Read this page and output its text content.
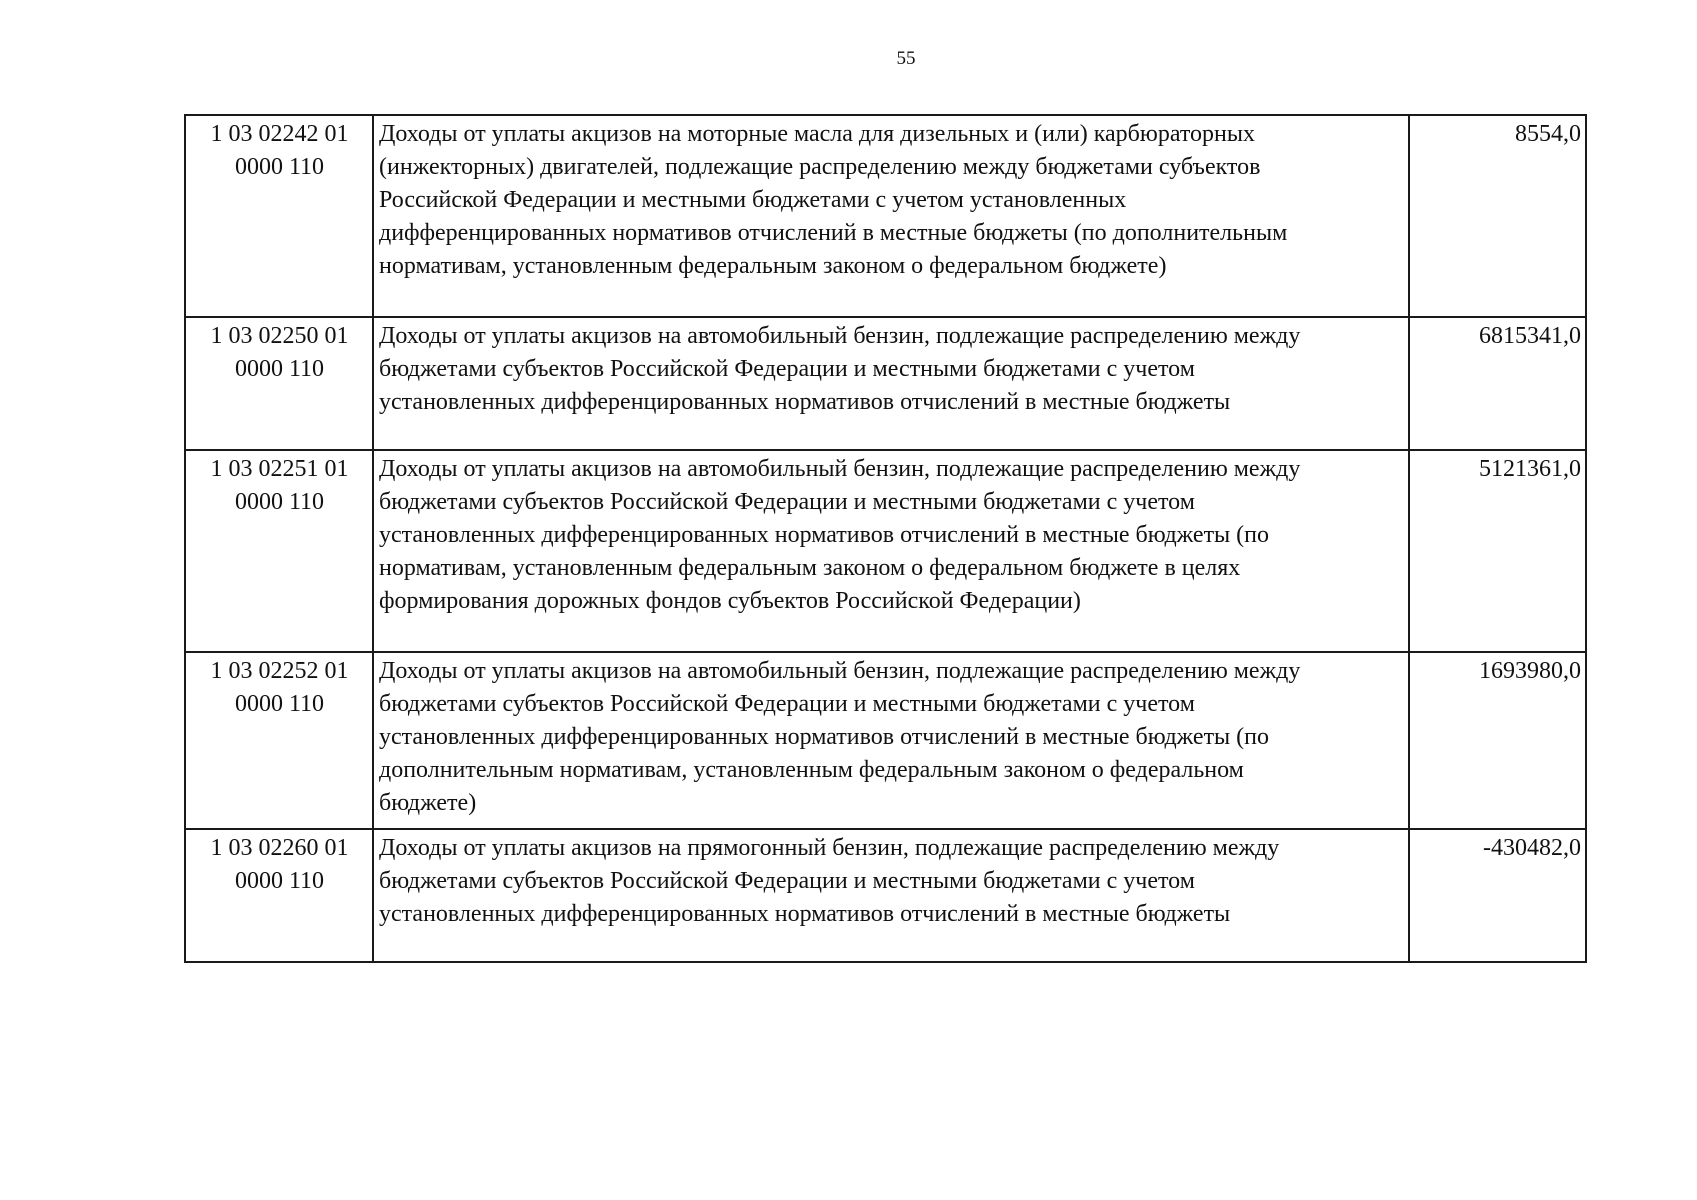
55
1 03 02242 01
0000 110	Доходы от уплаты акцизов на моторные масла для дизельных и (или) карбюраторных
(инжекторных) двигателей, подлежащие распределению между бюджетами субъектов
Российской Федерации и местными бюджетами с учетом установленных
дифференцированных нормативов отчислений в местные бюджеты (по дополнительным
нормативам, установленным федеральным законом о федеральном бюджете)	8554,0

1 03 02250 01
0000 110	Доходы от уплаты акцизов на автомобильный бензин, подлежащие распределению между
бюджетами субъектов Российской Федерации и местными бюджетами с учетом
установленных дифференцированных нормативов отчислений в местные бюджеты	6815341,0

1 03 02251 01
0000 110	Доходы от уплаты акцизов на автомобильный бензин, подлежащие распределению между
бюджетами субъектов Российской Федерации и местными бюджетами с учетом
установленных дифференцированных нормативов отчислений в местные бюджеты (по
нормативам, установленным федеральным законом о федеральном бюджете в целях
формирования дорожных фондов субъектов Российской Федерации)	5121361,0

1 03 02252 01
0000 110	Доходы от уплаты акцизов на автомобильный бензин, подлежащие распределению между
бюджетами субъектов Российской Федерации и местными бюджетами с учетом
установленных дифференцированных нормативов отчислений в местные бюджеты (по
дополнительным нормативам, установленным федеральным законом о федеральном
бюджете)	1693980,0

1 03 02260 01
0000 110	Доходы от уплаты акцизов на прямогонный бензин, подлежащие распределению между
бюджетами субъектов Российской Федерации и местными бюджетами с учетом
установленных дифференцированных нормативов отчислений в местные бюджеты	-430482,0
